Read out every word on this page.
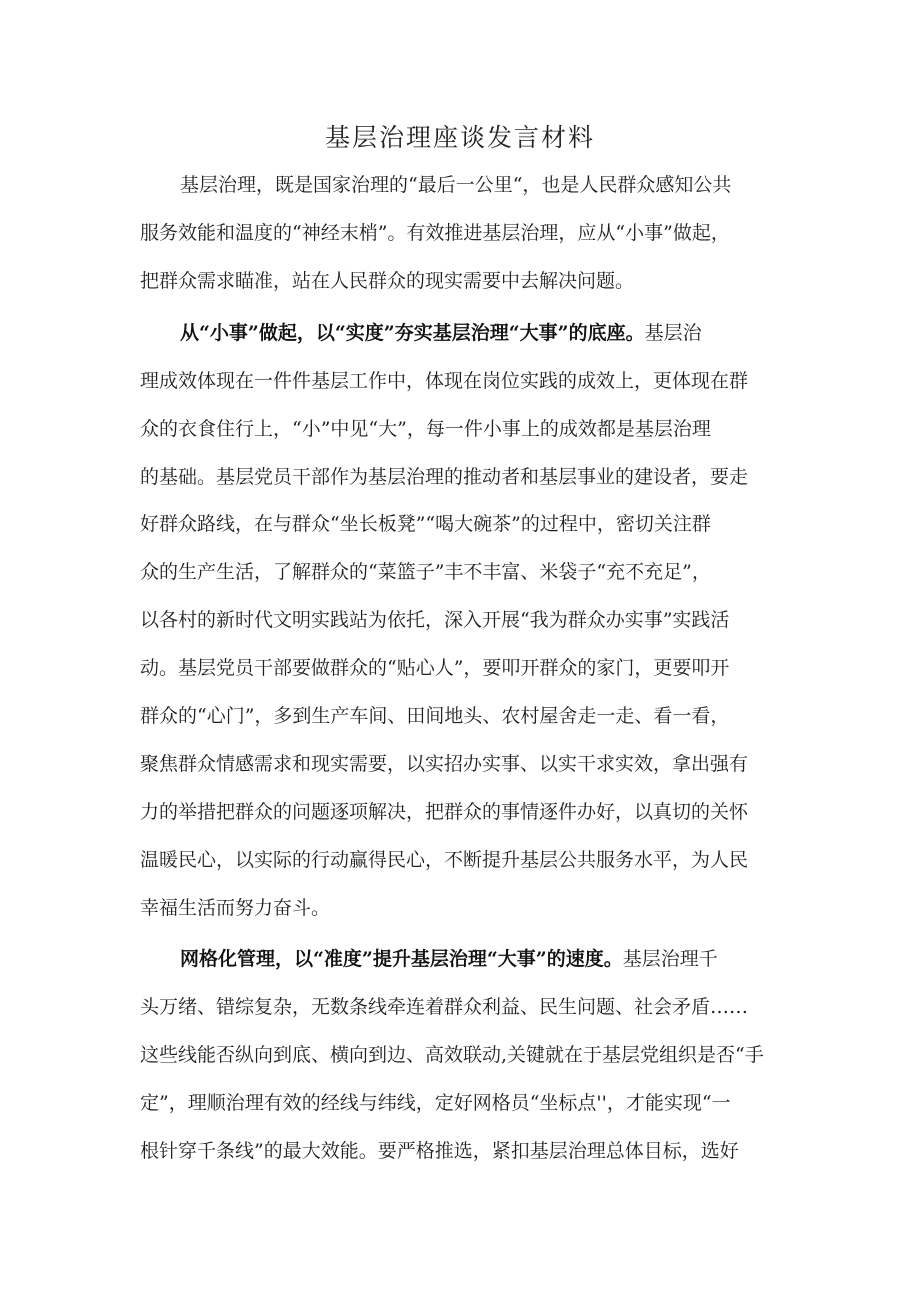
基层治理座谈发言材料
基层治理，既是国家治理的“最后一公里“，也是人民群众感知公共
服务效能和温度的“神经末梢”。有效推进基层治理，应从“小事”做起，
把群众需求瞄准，站在人民群众的现实需要中去解决问题。
从“小事”做起，以“实度”夯实基层治理“大事”的底座。基层治
理成效体现在一件件基层工作中，体现在岗位实践的成效上，更体现在群
众的衣食住行上，“小”中见“大”，每一件小事上的成效都是基层治理
的基础。基层党员干部作为基层治理的推动者和基层事业的建设者，要走
好群众路线，在与群众“坐长板凳”“喝大碗茶”的过程中，密切关注群
众的生产生活，了解群众的“菜篮子”丰不丰富、米袋子“充不充足”，
以各村的新时代文明实践站为依托，深入开展“我为群众办实事”实践活
动。基层党员干部要做群众的“贴心人”，要叩开群众的家门，更要叩开
群众的“心门”，多到生产车间、田间地头、农村屋舍走一走、看一看，
聚焦群众情感需求和现实需要，以实招办实事、以实干求实效，拿出强有
力的举措把群众的问题逐项解决，把群众的事情逐件办好，以真切的关怀
温暖民心，以实际的行动赢得民心，不断提升基层公共服务水平，为人民
幸福生活而努力奋斗。
网格化管理，以“准度”提升基层治理“大事”的速度。基层治理千
头万绪、错综复杂，无数条线牵连着群众利益、民生问题、社会矛盾……
这些线能否纵向到底、横向到边、高效联动,关键就在于基层党组织是否“手
定”，理顺治理有效的经线与纬线，定好网格员“坐标点''，才能实现“一
根针穿千条线”的最大效能。要严格推选，紧扣基层治理总体目标，选好
